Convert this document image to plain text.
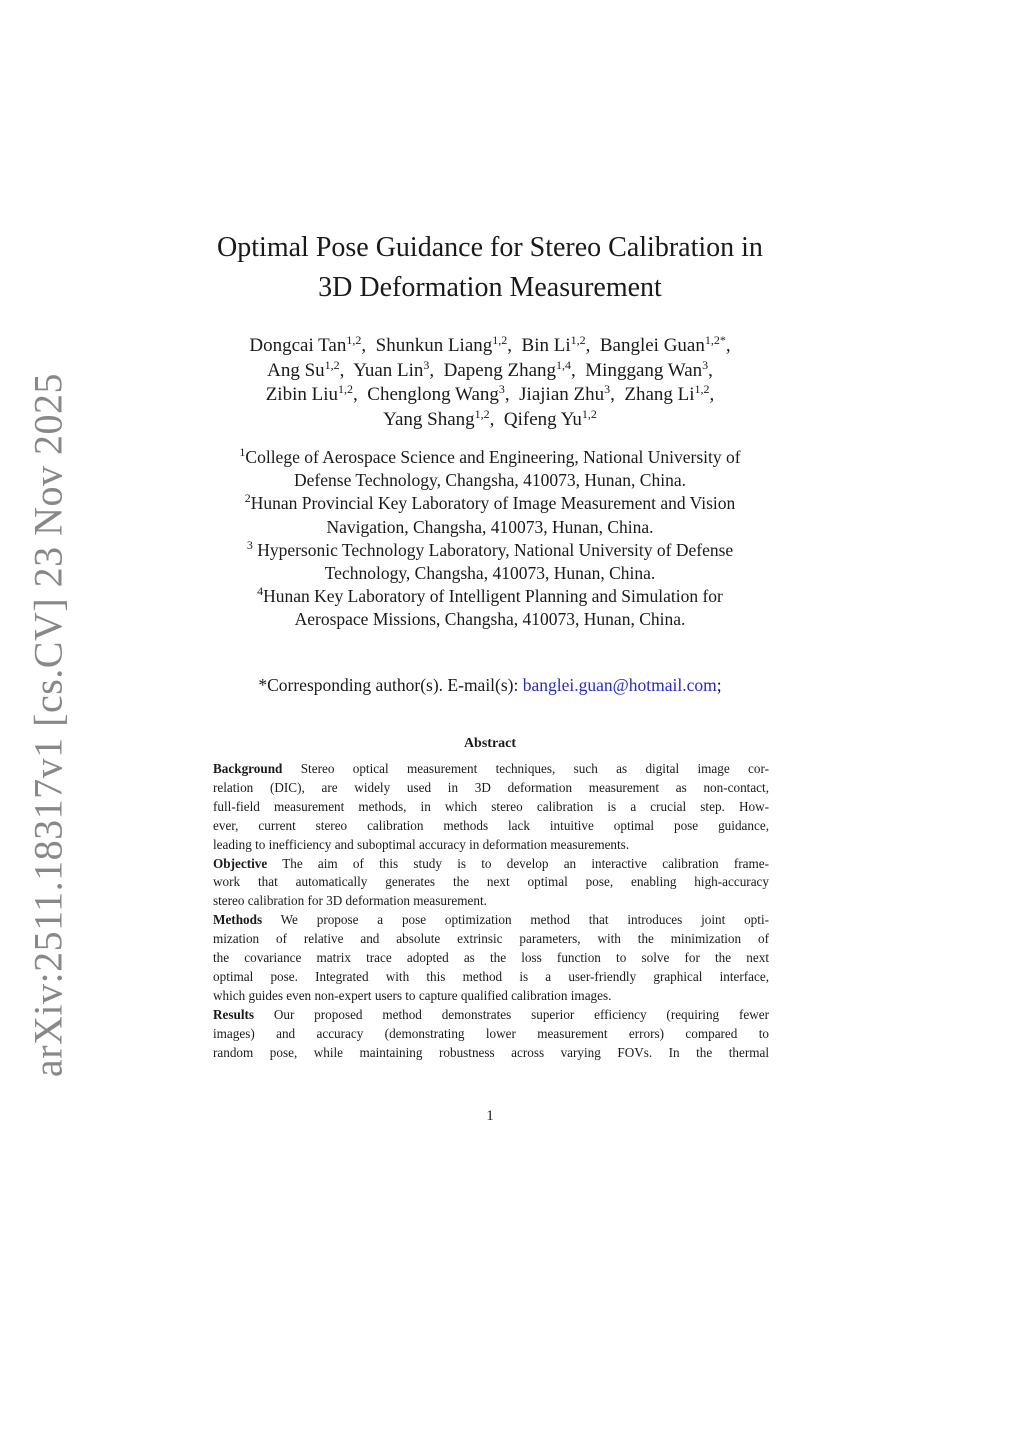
arXiv:2511.18317v1 [cs.CV] 23 Nov 2025
Optimal Pose Guidance for Stereo Calibration in
3D Deformation Measurement
Dongcai Tan$^{1,2}$,  Shunkun Liang$^{1,2}$,  Bin Li$^{1,2}$,  Banglei Guan$^{1,2*}$,
Ang Su$^{1,2}$,  Yuan Lin$^3$,  Dapeng Zhang$^{1,4}$,  Minggang Wan$^3$,
Zibin Liu$^{1,2}$,  Chenglong Wang$^3$,  Jiajian Zhu$^3$,  Zhang Li$^{1,2}$,
Yang Shang$^{1,2}$,  Qifeng Yu$^{1,2}$
$^1$College of Aerospace Science and Engineering, National University of
Defense Technology, Changsha, 410073, Hunan, China.
$^2$Hunan Provincial Key Laboratory of Image Measurement and Vision
Navigation, Changsha, 410073, Hunan, China.
$^3$ Hypersonic Technology Laboratory, National University of Defense
Technology, Changsha, 410073, Hunan, China.
$^4$Hunan Key Laboratory of Intelligent Planning and Simulation for
Aerospace Missions, Changsha, 410073, Hunan, China.
*Corresponding author(s). E-mail(s): banglei.guan@hotmail.com;
Abstract
Background Stereo optical measurement techniques, such as digital image cor-
relation (DIC), are widely used in 3D deformation measurement as non-contact,
full-field measurement methods, in which stereo calibration is a crucial step. How-
ever, current stereo calibration methods lack intuitive optimal pose guidance,
leading to inefficiency and suboptimal accuracy in deformation measurements.
Objective The aim of this study is to develop an interactive calibration frame-
work that automatically generates the next optimal pose, enabling high-accuracy
stereo calibration for 3D deformation measurement.
Methods We propose a pose optimization method that introduces joint opti-
mization of relative and absolute extrinsic parameters, with the minimization of
the covariance matrix trace adopted as the loss function to solve for the next
optimal pose. Integrated with this method is a user-friendly graphical interface,
which guides even non-expert users to capture qualified calibration images.
Results Our proposed method demonstrates superior efficiency (requiring fewer
images) and accuracy (demonstrating lower measurement errors) compared to
random pose, while maintaining robustness across varying FOVs. In the thermal
1
